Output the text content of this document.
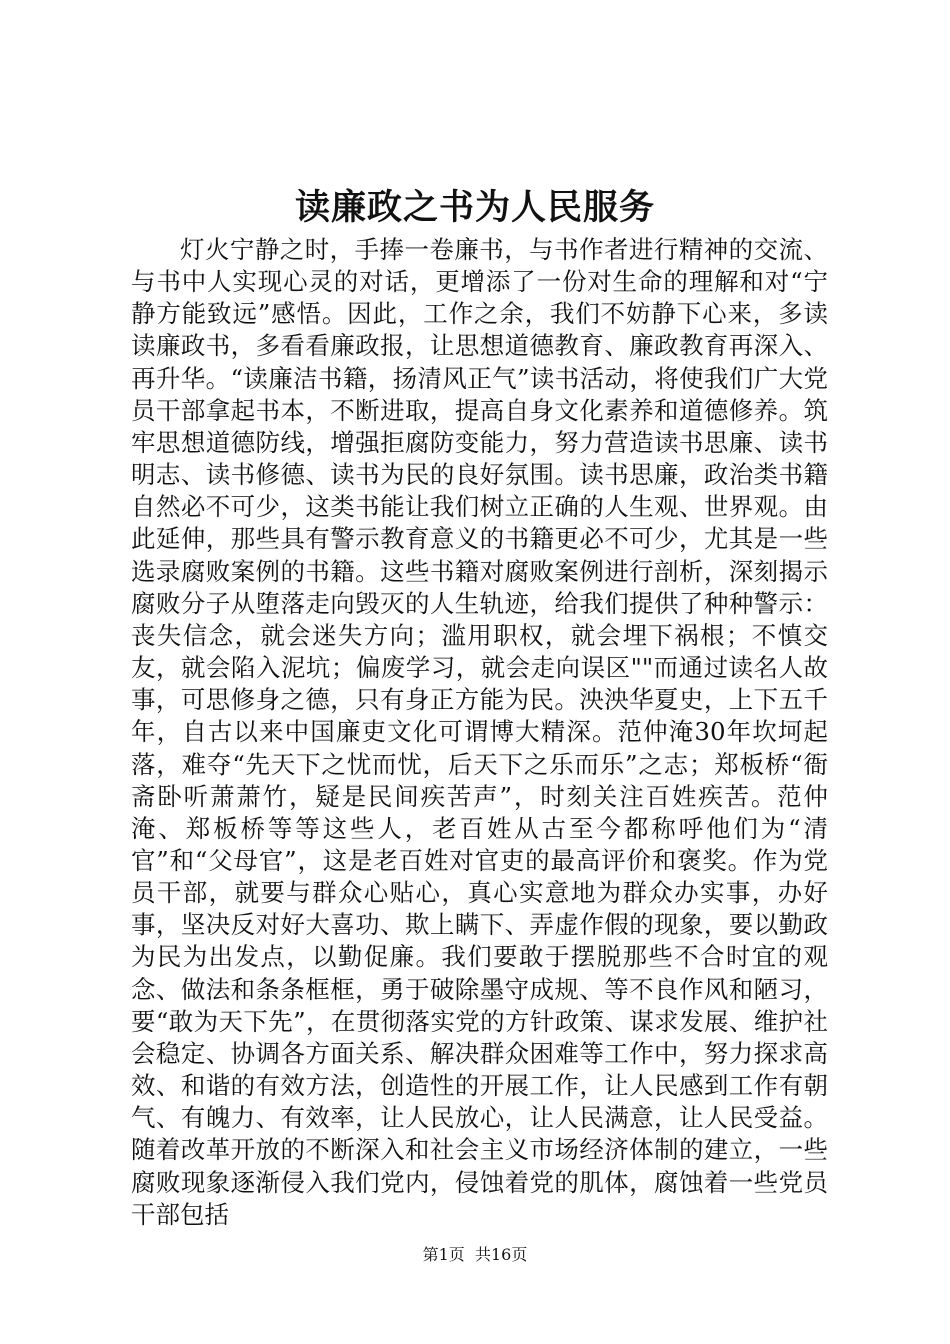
读廉政之书为人民服务

灯火宁静之时，手捧一卷廉书，与书作者进行精神的交流、与书中人实现心灵的对话，更增添了一份对生命的理解和对“宁静方能致远”感悟。因此，工作之余，我们不妨静下心来，多读读廉政书，多看看廉政报，让思想道德教育、廉政教育再深入、再升华。“读廉洁书籍，扬清风正气”读书活动，将使我们广大党员干部拿起书本，不断进取，提高自身文化素养和道德修养。筑牢思想道德防线，增强拒腐防变能力，努力营造读书思廉、读书明志、读书修德、读书为民的良好氛围。读书思廉，政治类书籍自然必不可少，这类书能让我们树立正确的人生观、世界观。由此延伸，那些具有警示教育意义的书籍更必不可少，尤其是一些选录腐败案例的书籍。这些书籍对腐败案例进行剖析，深刻揭示腐败分子从堕落走向毁灭的人生轨迹，给我们提供了种种警示：丧失信念，就会迷失方向；滥用职权，就会埋下祸根；不慎交友，就会陷入泥坑；偏废学习，就会走向误区""而通过读名人故事，可思修身之德，只有身正方能为民。泱泱华夏史，上下五千年，自古以来中国廉吏文化可谓博大精深。范仲淹30年坎坷起落，难夺“先天下之忧而忧，后天下之乐而乐”之志；郑板桥“衙斋卧听萧萧竹，疑是民间疾苦声”，时刻关注百姓疾苦。范仲淹、郑板桥等等这些人，老百姓从古至今都称呼他们为“清官”和“父母官”，这是老百姓对官吏的最高评价和褒奖。作为党员干部，就要与群众心贴心，真心实意地为群众办实事，办好事，坚决反对好大喜功、欺上瞒下、弄虚作假的现象，要以勤政为民为出发点，以勤促廉。我们要敢于摆脱那些不合时宜的观念、做法和条条框框，勇于破除墨守成规、等不良作风和陋习，要“敢为天下先”，在贯彻落实党的方针政策、谋求发展、维护社会稳定、协调各方面关系、解决群众困难等工作中，努力探求高效、和谐的有效方法，创造性的开展工作，让人民感到工作有朝气、有魄力、有效率，让人民放心，让人民满意，让人民受益。随着改革开放的不断深入和社会主义市场经济体制的建立，一些腐败现象逐渐侵入我们党内，侵蚀着党的肌体，腐蚀着一些党员干部包括

第1页 共16页
